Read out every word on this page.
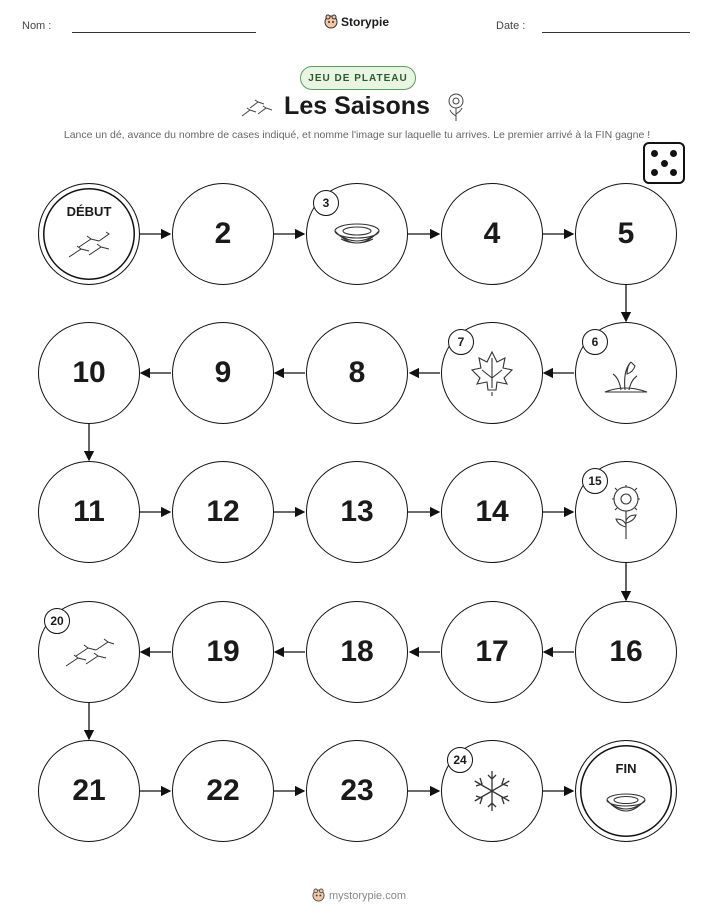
Nom :	Storypie	Date :
JEU DE PLATEAU
Les Saisons
Lance un dé, avance du nombre de cases indiqué, et nomme l'image sur laquelle tu arrives. Le premier arrivé à la FIN gagne !
DÉBUT
2
3
4	5
6
7
8
9
10
11	12	13	14
15
16
17
18
19
20
21	22	23
24
FIN
mystorypie.com
